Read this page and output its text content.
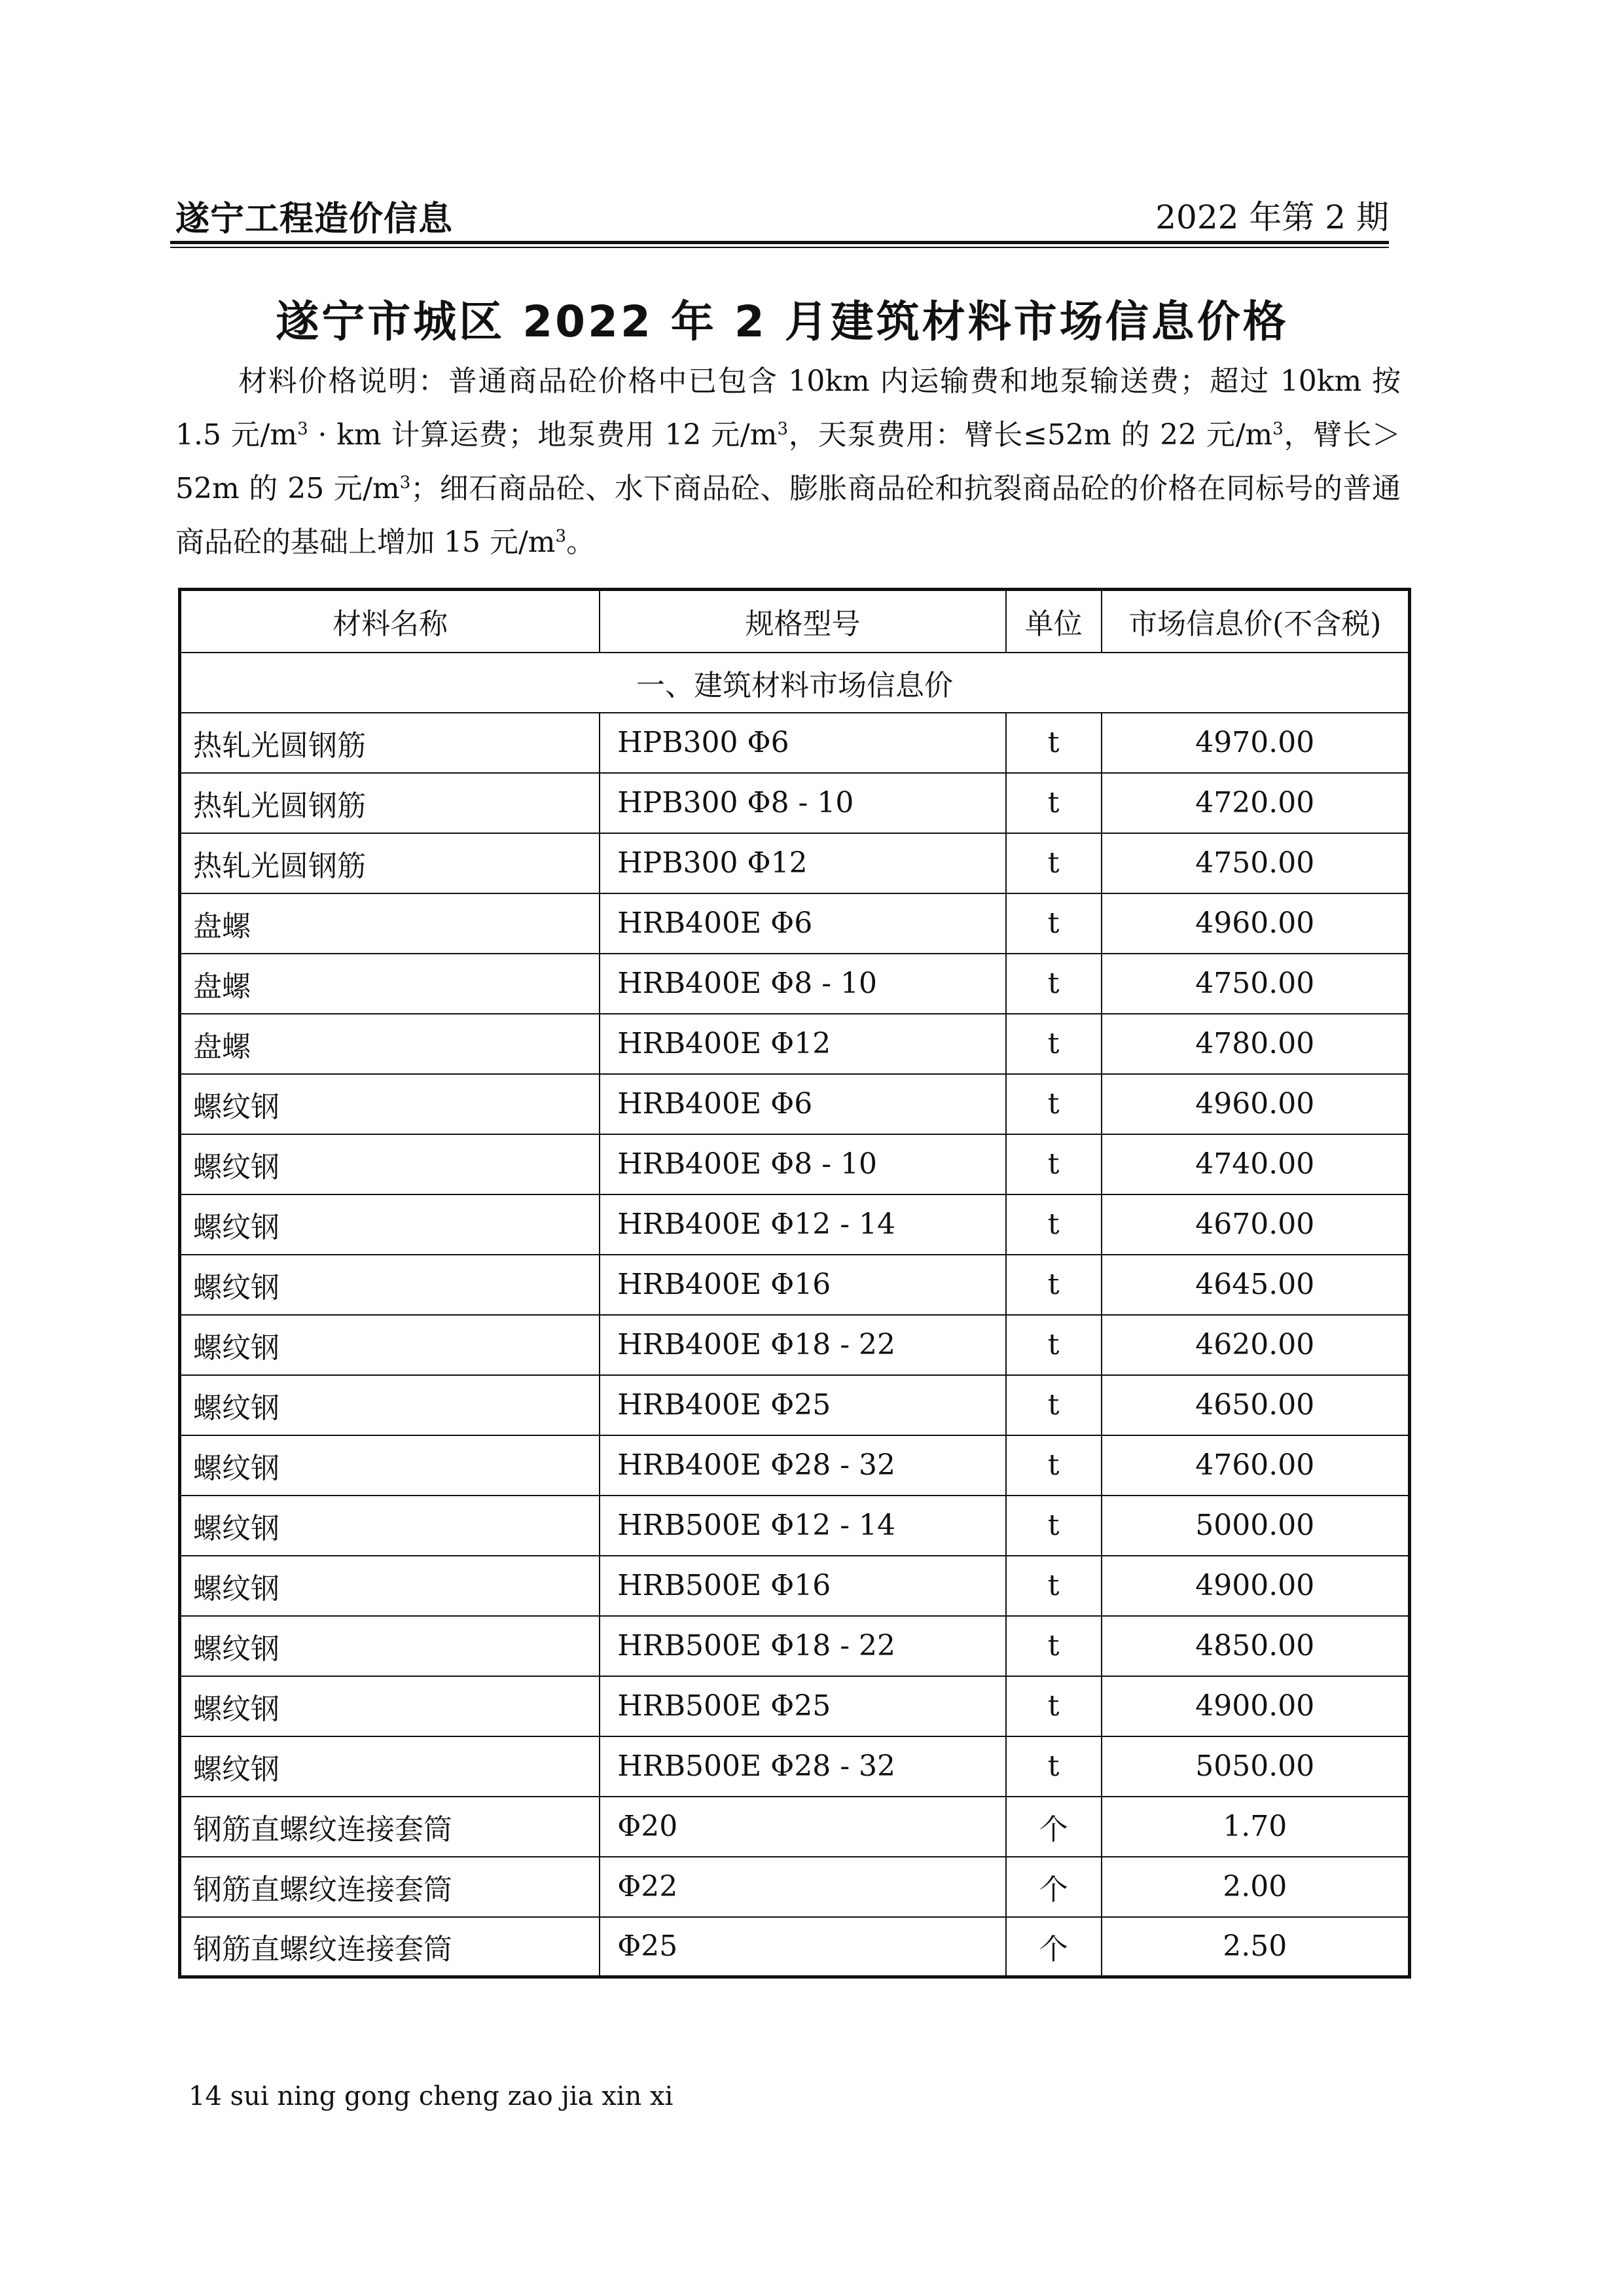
遂宁工程造价信息	2022 年第 2 期
遂宁市城区 2022 年 2 月建筑材料市场信息价格

材料价格说明：普通商品砼价格中已包含 10km 内运输费和地泵输送费；超过 10km 按 1.5 元$/m^3$ · km 计算运费；地泵费用 12 元$/m^3$，天泵费用：臂长≤52m 的 22 元$/m^3$，臂长＞52m 的 25 元$/m^3$；细石商品砼、水下商品砼、膨胀商品砼和抗裂商品砼的价格在同标号的普通商品砼的基础上增加 15 元$/m^3$。

材料名称	规格型号	单位	市场信息价(不含税)
一、建筑材料市场信息价			
热轧光圆钢筋	HPB300 Φ6	t	4970.00
热轧光圆钢筋	HPB300 Φ8 - 10	t	4720.00
热轧光圆钢筋	HPB300 Φ12	t	4750.00
盘螺	HRB400E Φ6	t	4960.00
盘螺	HRB400E Φ8 - 10	t	4750.00
盘螺	HRB400E Φ12	t	4780.00
螺纹钢	HRB400E Φ6	t	4960.00
螺纹钢	HRB400E Φ8 - 10	t	4740.00
螺纹钢	HRB400E Φ12 - 14	t	4670.00
螺纹钢	HRB400E Φ16	t	4645.00
螺纹钢	HRB400E Φ18 - 22	t	4620.00
螺纹钢	HRB400E Φ25	t	4650.00
螺纹钢	HRB400E Φ28 - 32	t	4760.00
螺纹钢	HRB500E Φ12 - 14	t	5000.00
螺纹钢	HRB500E Φ16	t	4900.00
螺纹钢	HRB500E Φ18 - 22	t	4850.00
螺纹钢	HRB500E Φ25	t	4900.00
螺纹钢	HRB500E Φ28 - 32	t	5050.00
钢筋直螺纹连接套筒	Φ20	个	1.70
钢筋直螺纹连接套筒	Φ22	个	2.00
钢筋直螺纹连接套筒	Φ25	个	2.50
14 sui ning gong cheng zao jia xin xi
